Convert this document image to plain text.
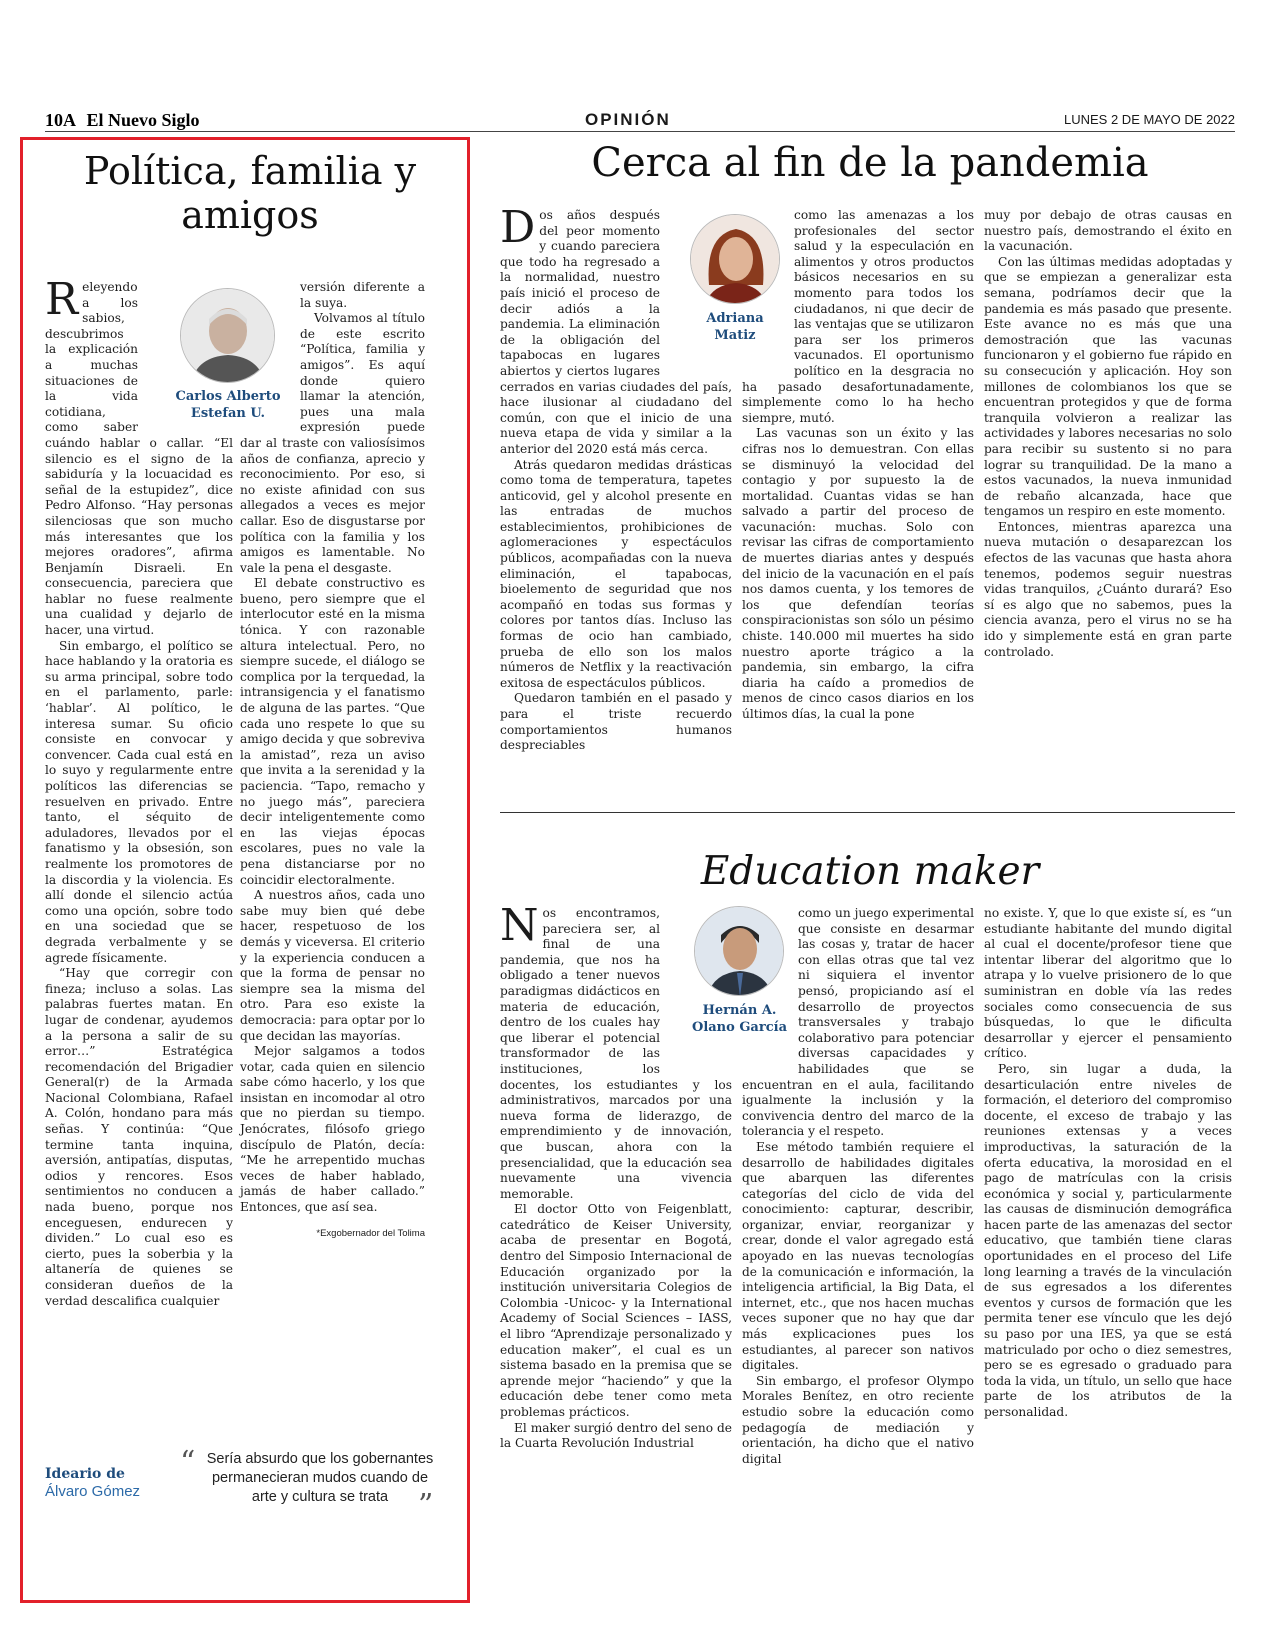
10A El Nuevo Siglo	OPINIÓN	LUNES 2 DE MAYO DE 2022
Política, familia y amigos

Releyendo a los sabios, descubrimos la explicación a muchas situaciones de la vida cotidiana, como saber cuándo hablar o callar. “El silencio es el signo de la sabiduría y la locuacidad es señal de la estupidez”, dice Pedro Alfonso. “Hay personas silenciosas que son mucho más interesantes que los mejores oradores”, afirma Benjamín Disraeli. En consecuencia, pareciera que hablar no fuese realmente una cualidad y dejarlo de hacer, una virtud.

Sin embargo, el político se hace hablando y la oratoria es su arma principal, sobre todo en el parlamento, parle: ‘hablar’. Al político, le interesa sumar. Su oficio consiste en convocar y convencer. Cada cual está en lo suyo y regularmente entre políticos las diferencias se resuelven en privado. Entre tanto, el séquito de aduladores, llevados por el fanatismo y la obsesión, son realmente los promotores de la discordia y la violencia. Es allí donde el silencio actúa como una opción, sobre todo en una sociedad que se degrada verbalmente y se agrede físicamente.

“Hay que corregir con fineza; incluso a solas. Las palabras fuertes matan. En lugar de condenar, ayudemos a la persona a salir de su error…” Estratégica recomendación del Brigadier General(r) de la Armada Nacional Colombiana, Rafael A. Colón, hondano para más señas. Y continúa: “Que termine tanta inquina, aversión, antipatías, disputas, odios y rencores. Esos sentimientos no conducen a nada bueno, porque nos enceguesen, endurecen y dividen.” Lo cual eso es cierto, pues la soberbia y la altanería de quienes se consideran dueños de la verdad descalifica cualquier

versión diferente a la suya.

Volvamos al título de este escrito “Política, familia y amigos”. Es aquí donde quiero llamar la atención, pues una mala expresión puede dar al traste con valiosísimos años de confianza, aprecio y reconocimiento. Por eso, si no existe afinidad con sus allegados a veces es mejor callar. Eso de disgustarse por política con la familia y los amigos es lamentable. No vale la pena el desgaste.

El debate constructivo es bueno, pero siempre que el interlocutor esté en la misma tónica. Y con razonable altura intelectual. Pero, no siempre sucede, el diálogo se complica por la terquedad, la intransigencia y el fanatismo de alguna de las partes. “Que cada uno respete lo que su amigo decida y que sobreviva la amistad”, reza un aviso que invita a la serenidad y la paciencia. “Tapo, remacho y no juego más”, pareciera decir inteligentemente como en las viejas épocas escolares, pues no vale la pena distanciarse por no coincidir electoralmente.

A nuestros años, cada uno sabe muy bien qué debe hacer, respetuoso de los demás y viceversa. El criterio y la experiencia conducen a que la forma de pensar no siempre sea la misma del otro. Para eso existe la democracia: para optar por lo que decidan las mayorías.

Mejor salgamos a todos votar, cada quien en silencio sabe cómo hacerlo, y los que insistan en incomodar al otro que no pierdan su tiempo. Jenócrates, filósofo griego discípulo de Platón, decía: “Me he arrepentido muchas veces de haber hablado, jamás de haber callado.” Entonces, que así sea.

*Exgobernador del Tolima
Carlos Alberto Estefan U.
Ideario de
Álvaro Gómez
“ Sería absurdo que los gobernantes permanecieran mudos cuando de arte y cultura se trata ”
Cerca al fin de la pandemia

Dos años después del peor momento y cuando pareciera que todo ha regresado a la normalidad, nuestro país inició el proceso de decir adiós a la pandemia. La eliminación de la obligación del tapabocas en lugares abiertos y ciertos lugares cerrados en varias ciudades del país, hace ilusionar al ciudadano del común, con que el inicio de una nueva etapa de vida y similar a la anterior del 2020 está más cerca.

Atrás quedaron medidas drásticas como toma de temperatura, tapetes anticovid, gel y alcohol presente en las entradas de muchos establecimientos, prohibiciones de aglomeraciones y espectáculos públicos, acompañadas con la nueva eliminación, el tapabocas, bioelemento de seguridad que nos acompañó en todas sus formas y colores por tantos días. Incluso las formas de ocio han cambiado, prueba de ello son los malos números de Netflix y la reactivación exitosa de espectáculos públicos.

Quedaron también en el pasado y para el triste recuerdo comportamientos humanos despreciables

como las amenazas a los profesionales del sector salud y la especulación en alimentos y otros productos básicos necesarios en su momento para todos los ciudadanos, ni que decir de las ventajas que se utilizaron para ser los primeros vacunados. El oportunismo político en la desgracia no ha pasado desafortunadamente, simplemente como lo ha hecho siempre, mutó.

Las vacunas son un éxito y las cifras nos lo demuestran. Con ellas se disminuyó la velocidad del contagio y por supuesto la de mortalidad. Cuantas vidas se han salvado a partir del proceso de vacunación: muchas. Solo con revisar las cifras de comportamiento de muertes diarias antes y después del inicio de la vacunación en el país nos damos cuenta, y los temores de los que defendían teorías conspiracionistas son sólo un pésimo chiste. 140.000 mil muertes ha sido nuestro aporte trágico a la pandemia, sin embargo, la cifra diaria ha caído a promedios de menos de cinco casos diarios en los últimos días, la cual la pone

muy por debajo de otras causas en nuestro país, demostrando el éxito en la vacunación.

Con las últimas medidas adoptadas y que se empiezan a generalizar esta semana, podríamos decir que la pandemia es más pasado que presente. Este avance no es más que una demostración que las vacunas funcionaron y el gobierno fue rápido en su consecución y aplicación. Hoy son millones de colombianos los que se encuentran protegidos y que de forma tranquila volvieron a realizar las actividades y labores necesarias no solo para recibir su sustento si no para lograr su tranquilidad. De la mano a estos vacunados, la nueva inmunidad de rebaño alcanzada, hace que tengamos un respiro en este momento.

Entonces, mientras aparezca una nueva mutación o desaparezcan los efectos de las vacunas que hasta ahora tenemos, podemos seguir nuestras vidas tranquilos, ¿Cuánto durará? Eso sí es algo que no sabemos, pues la ciencia avanza, pero el virus no se ha ido y simplemente está en gran parte controlado.

Adriana Matiz
Education maker

Nos encontramos, pareciera ser, al final de una pandemia, que nos ha obligado a tener nuevos paradigmas didácticos en materia de educación, dentro de los cuales hay que liberar el potencial transformador de las instituciones, los docentes, los estudiantes y los administrativos, marcados por una nueva forma de liderazgo, de emprendimiento y de innovación, que buscan, ahora con la presencialidad, que la educación sea nuevamente una vivencia memorable.

El doctor Otto von Feigenblatt, catedrático de Keiser University, acaba de presentar en Bogotá, dentro del Simposio Internacional de Educación organizado por la institución universitaria Colegios de Colombia -Unicoc- y la International Academy of Social Sciences – IASS, el libro “Aprendizaje personalizado y education maker”, el cual es un sistema basado en la premisa que se aprende mejor “haciendo” y que la educación debe tener como meta problemas prácticos.

El maker surgió dentro del seno de la Cuarta Revolución Industrial

como un juego experimental que consiste en desarmar las cosas y, tratar de hacer con ellas otras que tal vez ni siquiera el inventor pensó, propiciando así el desarrollo de proyectos transversales y trabajo colaborativo para potenciar diversas capacidades y habilidades que se encuentran en el aula, facilitando igualmente la inclusión y la convivencia dentro del marco de la tolerancia y el respeto.

Ese método también requiere el desarrollo de habilidades digitales que abarquen las diferentes categorías del ciclo de vida del conocimiento: capturar, describir, organizar, enviar, reorganizar y crear, donde el valor agregado está apoyado en las nuevas tecnologías de la comunicación e información, la inteligencia artificial, la Big Data, el internet, etc., que nos hacen muchas veces suponer que no hay que dar más explicaciones pues los estudiantes, al parecer son nativos digitales.

Sin embargo, el profesor Olympo Morales Benítez, en otro reciente estudio sobre la educación como pedagogía de mediación y orientación, ha dicho que el nativo digital

no existe. Y, que lo que existe sí, es “un estudiante habitante del mundo digital al cual el docente/profesor tiene que intentar liberar del algoritmo que lo atrapa y lo vuelve prisionero de lo que suministran en doble vía las redes sociales como consecuencia de sus búsquedas, lo que le dificulta desarrollar y ejercer el pensamiento crítico.

Pero, sin lugar a duda, la desarticulación entre niveles de formación, el deterioro del compromiso docente, el exceso de trabajo y las reuniones extensas y a veces improductivas, la saturación de la oferta educativa, la morosidad en el pago de matrículas con la crisis económica y social y, particularmente las causas de disminución demográfica hacen parte de las amenazas del sector educativo, que también tiene claras oportunidades en el proceso del Life long learning a través de la vinculación de sus egresados a los diferentes eventos y cursos de formación que les permita tener ese vínculo que les dejó su paso por una IES, ya que se está matriculado por ocho o diez semestres, pero se es egresado o graduado para toda la vida, un título, un sello que hace parte de los atributos de la personalidad.

Hernán A. Olano García
